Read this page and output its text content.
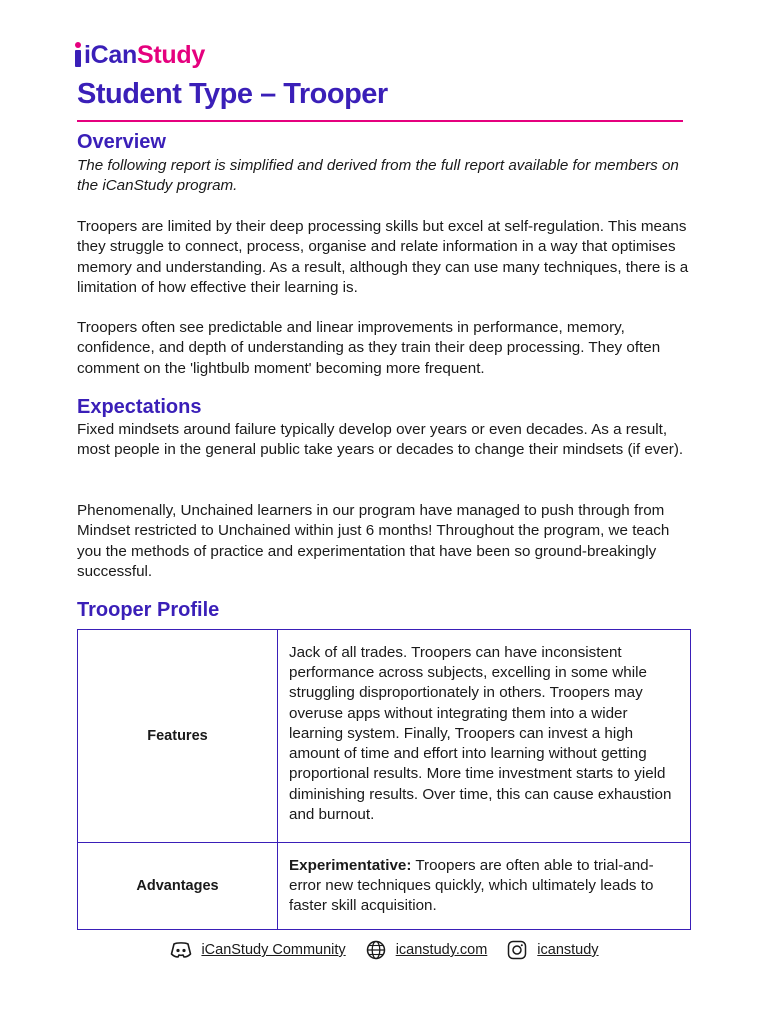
iCan Study
Student Type – Trooper
Overview

The following report is simplified and derived from the full report available for members on the iCanStudy program.

Troopers are limited by their deep processing skills but excel at self-regulation. This means they struggle to connect, process, organise and relate information in a way that optimises memory and understanding. As a result, although they can use many techniques, there is a limitation of how effective their learning is.

Troopers often see predictable and linear improvements in performance, memory, confidence, and depth of understanding as they train their deep processing. They often comment on the 'lightbulb moment' becoming more frequent.

Expectations

Fixed mindsets around failure typically develop over years or even decades. As a result, most people in the general public take years or decades to change their mindsets (if ever).

Phenomenally, Unchained learners in our program have managed to push through from Mindset restricted to Unchained within just 6 months! Throughout the program, we teach you the methods of practice and experimentation that have been so ground-breakingly successful.

Trooper Profile
Features	Jack of all trades. Troopers can have inconsistent performance across subjects, excelling in some while struggling disproportionately in others. Troopers may overuse apps without integrating them into a wider learning system. Finally, Troopers can invest a high amount of time and effort into learning without getting proportional results. More time investment starts to yield diminishing results. Over time, this can cause exhaustion and burnout.
Advantages	Experimentative: Troopers are often able to trial-and-error new techniques quickly, which ultimately leads to faster skill acquisition.
iCanStudy Community	icanstudy.com	icanstudy
